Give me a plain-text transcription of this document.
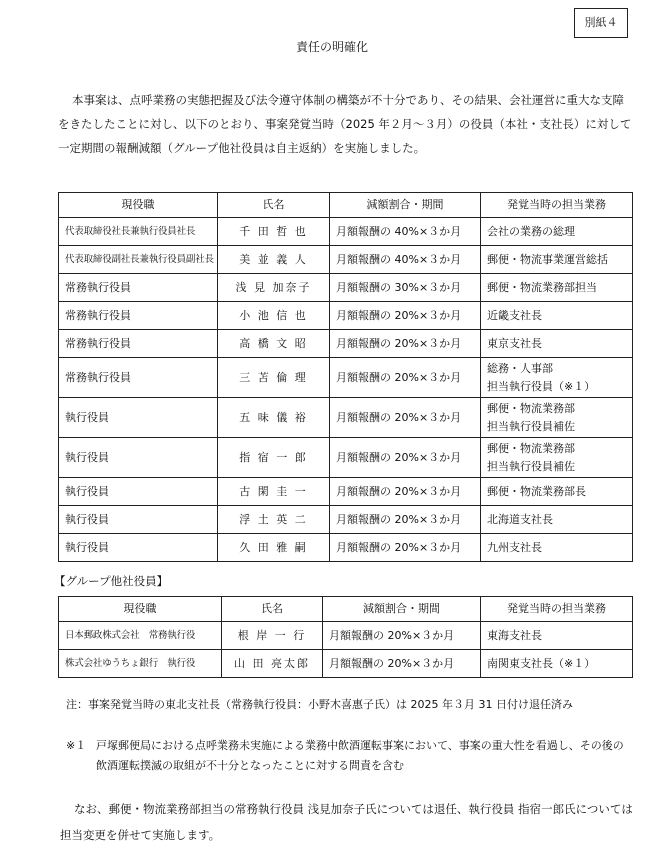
別紙４
責任の明確化

本事案は、点呼業務の実態把握及び法令遵守体制の構築が不十分であり、その結果、会社運営に重大な支障をきたしたことに対し、以下のとおり、事案発覚当時（2025 年２月～３月）の役員（本社・支社長）に対して一定期間の報酬減額（グループ他社役員は自主返納）を実施しました。

現役職	氏名	減額割合・期間	発覚当時の担当業務
代表取締役社長兼執行役員社長	千 田 哲 也	月額報酬の 40%×３か月	会社の業務の総理

代表取締役副社長兼執行役員副社長	美 並 義 人	月額報酬の 40%×３か月	郵便・物流事業運営総括

常務執行役員	浅 見 加奈子	月額報酬の 30%×３か月	郵便・物流業務部担当

常務執行役員	小 池 信 也	月額報酬の 20%×３か月	近畿支社長

常務執行役員	高 橋 文 昭	月額報酬の 20%×３か月	東京支社長

常務執行役員	三 苫 倫 理	月額報酬の 20%×３か月	総務・人事部
担当執行役員（※１）

執行役員	五 味 儀 裕	月額報酬の 20%×３か月	郵便・物流業務部
担当執行役員補佐

執行役員	指 宿 一 郎	月額報酬の 20%×３か月	郵便・物流業務部
担当執行役員補佐

執行役員	古 閑 圭 一	月額報酬の 20%×３か月	郵便・物流業務部長

執行役員	浮 土 英 二	月額報酬の 20%×３か月	北海道支社長

執行役員	久 田 雅 嗣	月額報酬の 20%×３か月	九州支社長
【グループ他社役員】
現役職	氏名	減額割合・期間	発覚当時の担当業務
日本郵政株式会社　常務執行役	根 岸 一 行	月額報酬の 20%×３か月	東海支社長

株式会社ゆうちょ銀行　執行役	山 田 亮太郎	月額報酬の 20%×３か月	南関東支社長（※１）
注：事案発覚当時の東北支社長（常務執行役員：小野木喜惠子氏）は 2025 年３月 31 日付け退任済み
※１ 戸塚郵便局における点呼業務未実施による業務中飲酒運転事案において、事案の重大性を看過し、その後の飲酒運転撲滅の取組が不十分となったことに対する問責を含む

なお、郵便・物流業務部担当の常務執行役員 浅見加奈子氏については退任、執行役員 指宿一郎氏については担当変更を併せて実施します。
